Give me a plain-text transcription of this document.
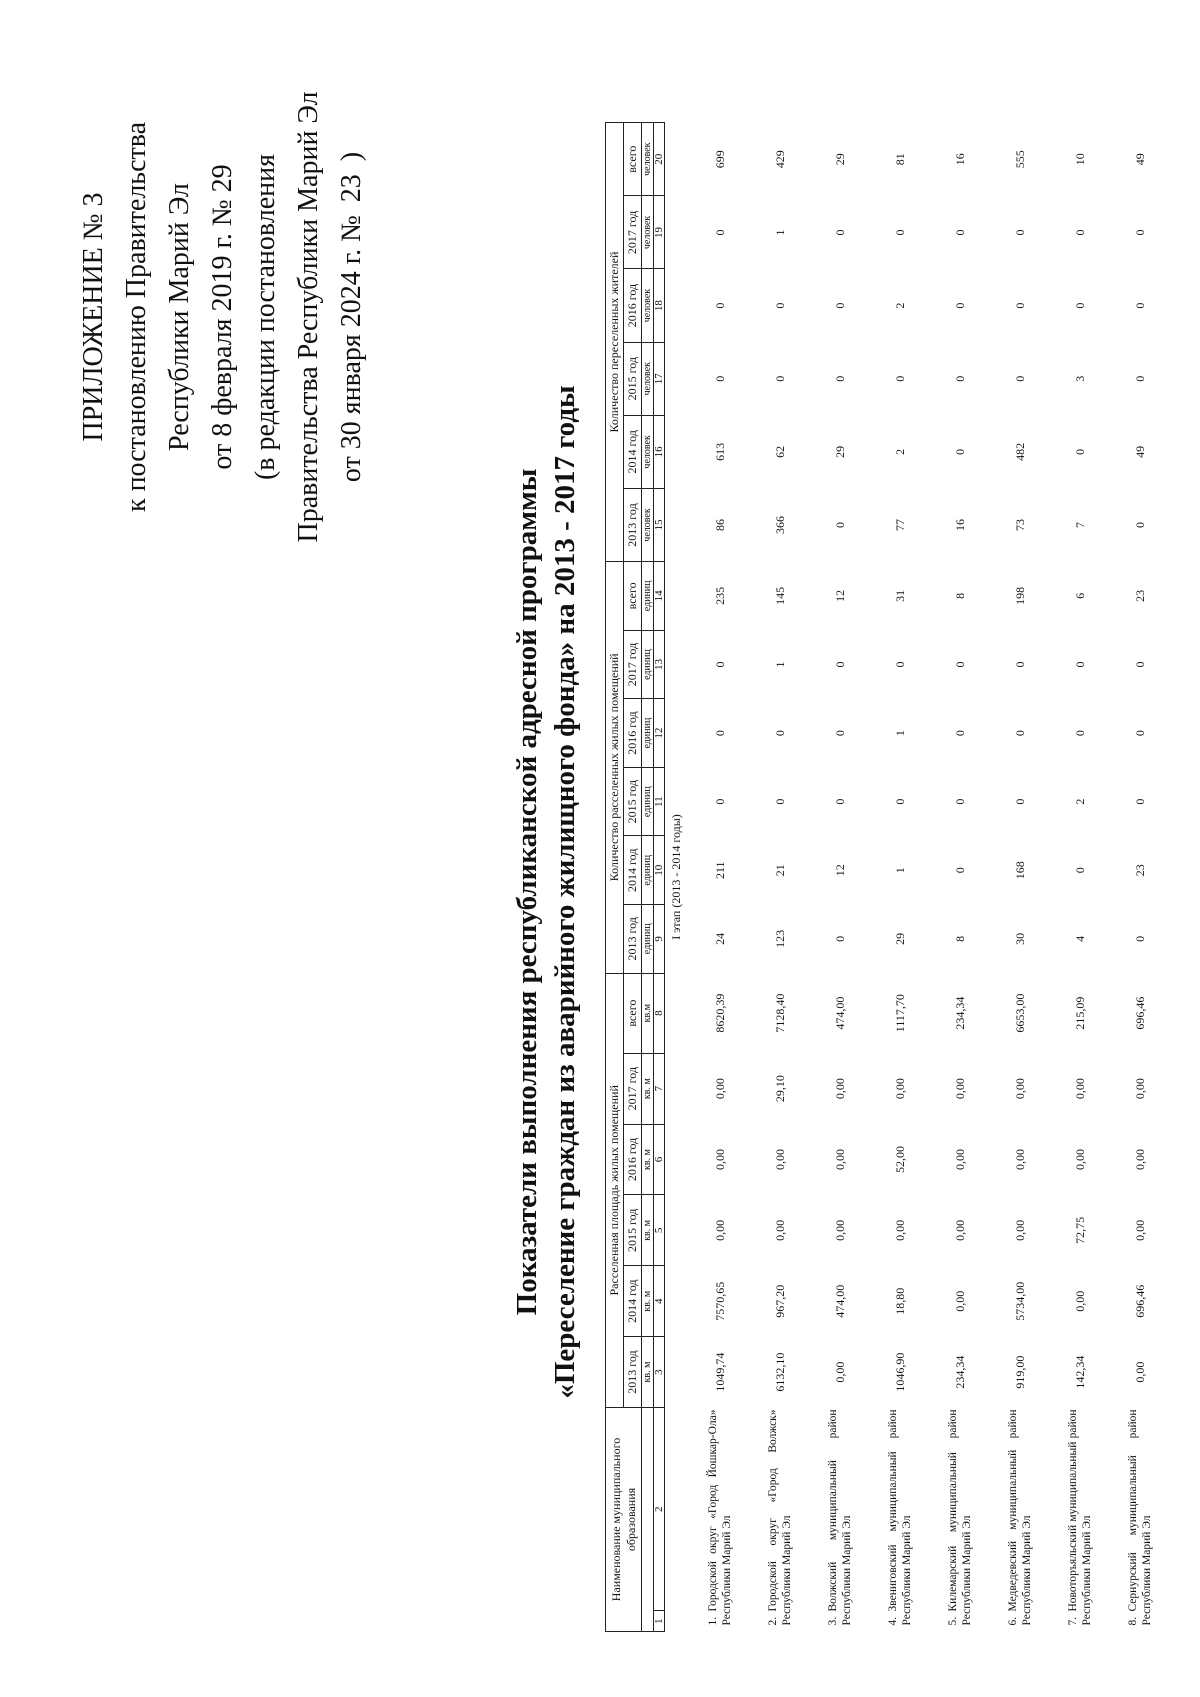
ПРИЛОЖЕНИЕ № 3 к постановлению Правительства Республики Марий Эл от 8 февраля 2019 г. № 29 (в редакции постановления Правительства Республики Марий Эл от 30 января 2024 г. № 23 )
Показатели выполнения республиканской адресной программы «Переселение граждан из аварийного жилищного фонда» на 2013 - 2017 годы
Наименование муниципального образования		Расселенная площадь жилых помещений						Количество расселенных жилых помещений						Количество переселенных жителей					
		2013 год	2014 год	2015 год	2016 год	2017 год	всего	2013 год	2014 год	2015 год	2016 год	2017 год	всего	2013 год	2014 год	2015 год	2016 год	2017 год	всего
		кв. м	кв. м	кв. м	кв. м	кв. м	кв.м	единиц	единиц	единиц	единиц	единиц	единиц	человек	человек	человек	человек	человек	человек
1	2	3	4	5	6	7	8	9	10	11	12	13	14	15	16	17	18	19	20
I этап (2013 - 2014 годы)																			
1.Городской округ «Город Йошкар-Ола» Республики Марий Эл		1049,74	7570,65	0,00	0,00	0,00	8620,39	24	211	0	0	0	235	86	613	0	0	0	699
2.Городской округ «Город Волжск» Республики Марий Эл		6132,10	967,20	0,00	0,00	29,10	7128,40	123	21	0	0	1	145	366	62	0	0	1	429
3.Волжский муниципальный район Республики Марий Эл		0,00	474,00	0,00	0,00	0,00	474,00	0	12	0	0	0	12	0	29	0	0	0	29
4.Звениговский муниципальный район Республики Марий Эл		1046,90	18,80	0,00	52,00	0,00	1117,70	29	1	0	1	0	31	77	2	0	2	0	81
5.Килемарский муниципальный район Республики Марий Эл		234,34	0,00	0,00	0,00	0,00	234,34	8	0	0	0	0	8	16	0	0	0	0	16
6.Медведевский муниципальный район Республики Марий Эл		919,00	5734,00	0,00	0,00	0,00	6653,00	30	168	0	0	0	198	73	482	0	0	0	555
7.Новоторъяльский муниципальный район Республики Марий Эл		142,34	0,00	72,75	0,00	0,00	215,09	4	0	2	0	0	6	7	0	3	0	0	10
8.Сернурский муниципальный район Республики Марий Эл		0,00	696,46	0,00	0,00	0,00	696,46	0	23	0	0	0	23	0	49	0	0	0	49
